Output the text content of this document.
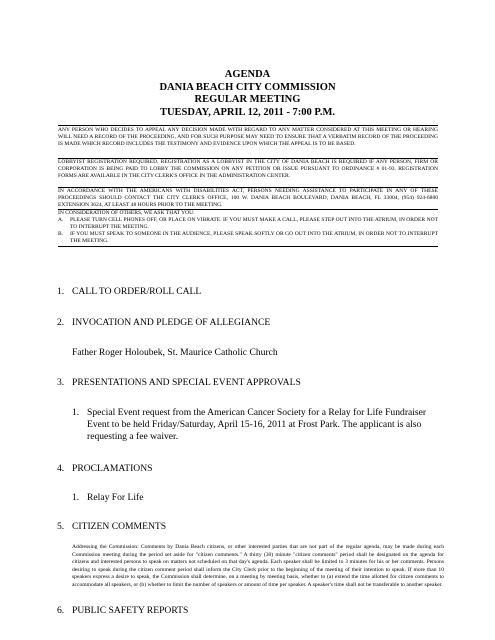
AGENDA
DANIA BEACH CITY COMMISSION
REGULAR MEETING
TUESDAY, APRIL 12, 2011 - 7:00 P.M.
ANY PERSON WHO DECIDES TO APPEAL ANY DECISION MADE WITH REGARD TO ANY MATTER CONSIDERED AT THIS MEETING OR HEARING WILL NEED A RECORD OF THE PROCEEDING, AND FOR SUCH PURPOSE MAY NEED TO ENSURE THAT A VERBATIM RECORD OF THE PROCEEDING IS MADE WHICH RECORD INCLUDES THE TESTIMONY AND EVIDENCE UPON WHICH THE APPEAL IS TO BE BASED.
LOBBYIST REGISTRATION REQUIRED. REGISTRATION AS A LOBBYIST IN THE CITY OF DANIA BEACH IS REQUIRED IF ANY PERSON, FIRM OR CORPORATION IS BEING PAID TO LOBBY THE COMMISSION ON ANY PETITION OR ISSUE PURSUANT TO ORDINANCE # 01-93. REGISTRATION FORMS ARE AVAILABLE IN THE CITY CLERK'S OFFICE IN THE ADMINISTRATION CENTER.
IN ACCORDANCE WITH THE AMERICANS WITH DISABILITIES ACT, PERSONS NEEDING ASSISTANCE TO PARTICIPATE IN ANY OF THESE PROCEEDINGS SHOULD CONTACT THE CITY CLERK'S OFFICE, 100 W. DANIA BEACH BOULEVARD, DANIA BEACH, FL 33004, (954) 924-6800 EXTENSION 3624, AT LEAST 48 HOURS PRIOR TO THE MEETING.
IN CONSIDERATION OF OTHERS, WE ASK THAT YOU:
A.	PLEASE TURN CELL PHONES OFF, OR PLACE ON VIBRATE. IF YOU MUST MAKE A CALL, PLEASE STEP OUT INTO THE ATRIUM, IN ORDER NOT TO INTERRUPT THE MEETING.
B.	IF YOU MUST SPEAK TO SOMEONE IN THE AUDIENCE, PLEASE SPEAK SOFTLY OR GO OUT INTO THE ATRIUM, IN ORDER NOT TO INTERRUPT THE MEETING.
1. CALL TO ORDER/ROLL CALL
2. INVOCATION AND PLEDGE OF ALLEGIANCE
Father Roger Holoubek, St. Maurice Catholic Church
3. PRESENTATIONS AND SPECIAL EVENT APPROVALS
1. Special Event request from the American Cancer Society for a Relay for Life Fundraiser Event to be held Friday/Saturday, April 15-16, 2011 at Frost Park. The applicant is also requesting a fee waiver.
4. PROCLAMATIONS
1. Relay For Life
5. CITIZEN COMMENTS
Addressing the Commission: Comments by Dania Beach citizens, or other interested parties that are not part of the regular agenda, may be made during each Commission meeting during the period set aside for "citizen comments." A thirty (30) minute "citizen comments" period shall be designated on the agenda for citizens and interested persons to speak on matters not scheduled on that day's agenda. Each speaker shall be limited to 3 minutes for his or her comments. Persons desiring to speak during the citizen comment period shall inform the City Clerk prior to the beginning of the meeting of their intention to speak. If more than 10 speakers express a desire to speak, the Commission shall determine, on a meeting by meeting basis, whether to (a) extend the time allotted for citizen comments to accommodate all speakers, or (b) whether to limit the number of speakers or amount of time per speaker. A speaker's time shall not be transferable to another speaker.
6. PUBLIC SAFETY REPORTS
